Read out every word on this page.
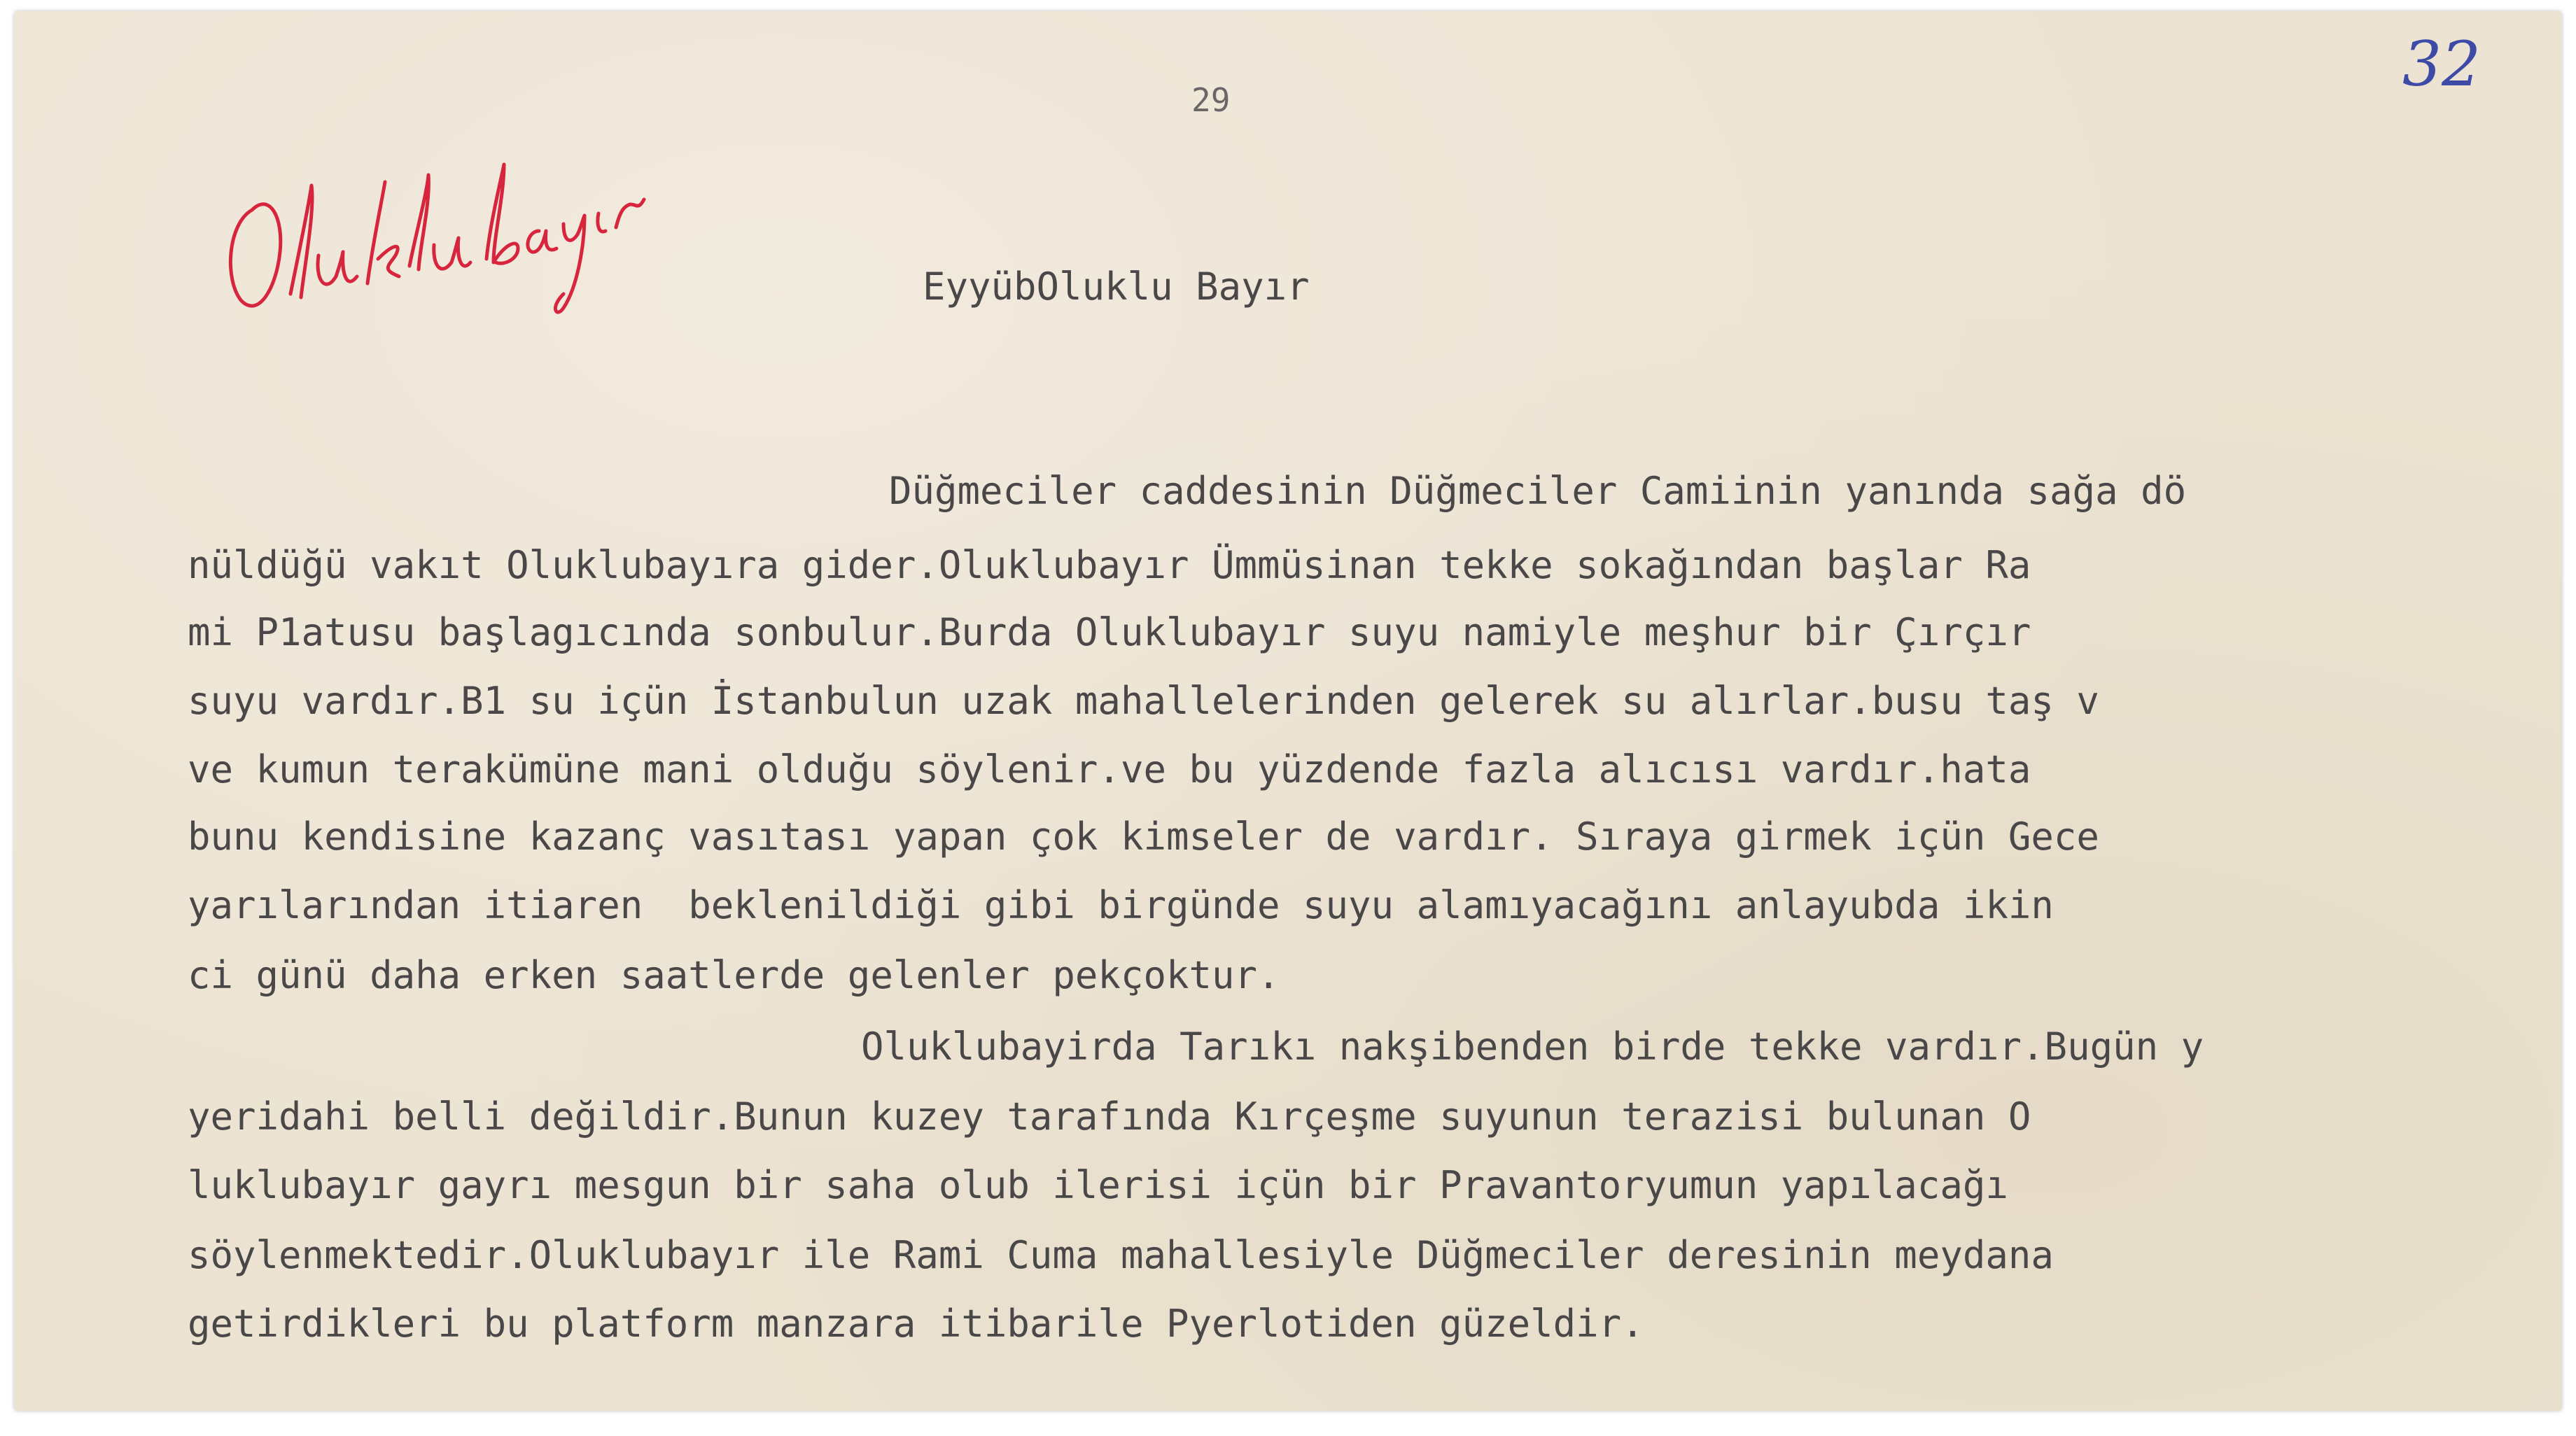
29	32
EyyübOluklu Bayır
Düğmeciler caddesinin Düğmeciler Camiinin yanında sağa dö
nüldüğü vakıt Oluklubayıra gider.Oluklubayır Ümmüsinan tekke sokağından başlar Ra
mi P1atusu başlagıcında sonbulur.Burda Oluklubayır suyu namiyle meşhur bir Çırçır
suyu vardır.B1 su içün İstanbulun uzak mahallelerinden gelerek su alırlar.busu taş v
ve kumun terakümüne mani olduğu söylenir.ve bu yüzdende fazla alıcısı vardır.hata
bunu kendisine kazanç vasıtası yapan çok kimseler de vardır. Sıraya girmek içün Gece
yarılarından itiaren  beklenildiği gibi birgünde suyu alamıyacağını anlayubda ikin
ci günü daha erken saatlerde gelenler pekçoktur.
Oluklubayirda Tarıkı nakşibenden birde tekke vardır.Bugün y
yeridahi belli değildir.Bunun kuzey tarafında Kırçeşme suyunun terazisi bulunan O
luklubayır gayrı mesgun bir saha olub ilerisi içün bir Pravantoryumun yapılacağı
söylenmektedir.Oluklubayır ile Rami Cuma mahallesiyle Düğmeciler deresinin meydana
getirdikleri bu platform manzara itibarile Pyerlotiden güzeldir.
